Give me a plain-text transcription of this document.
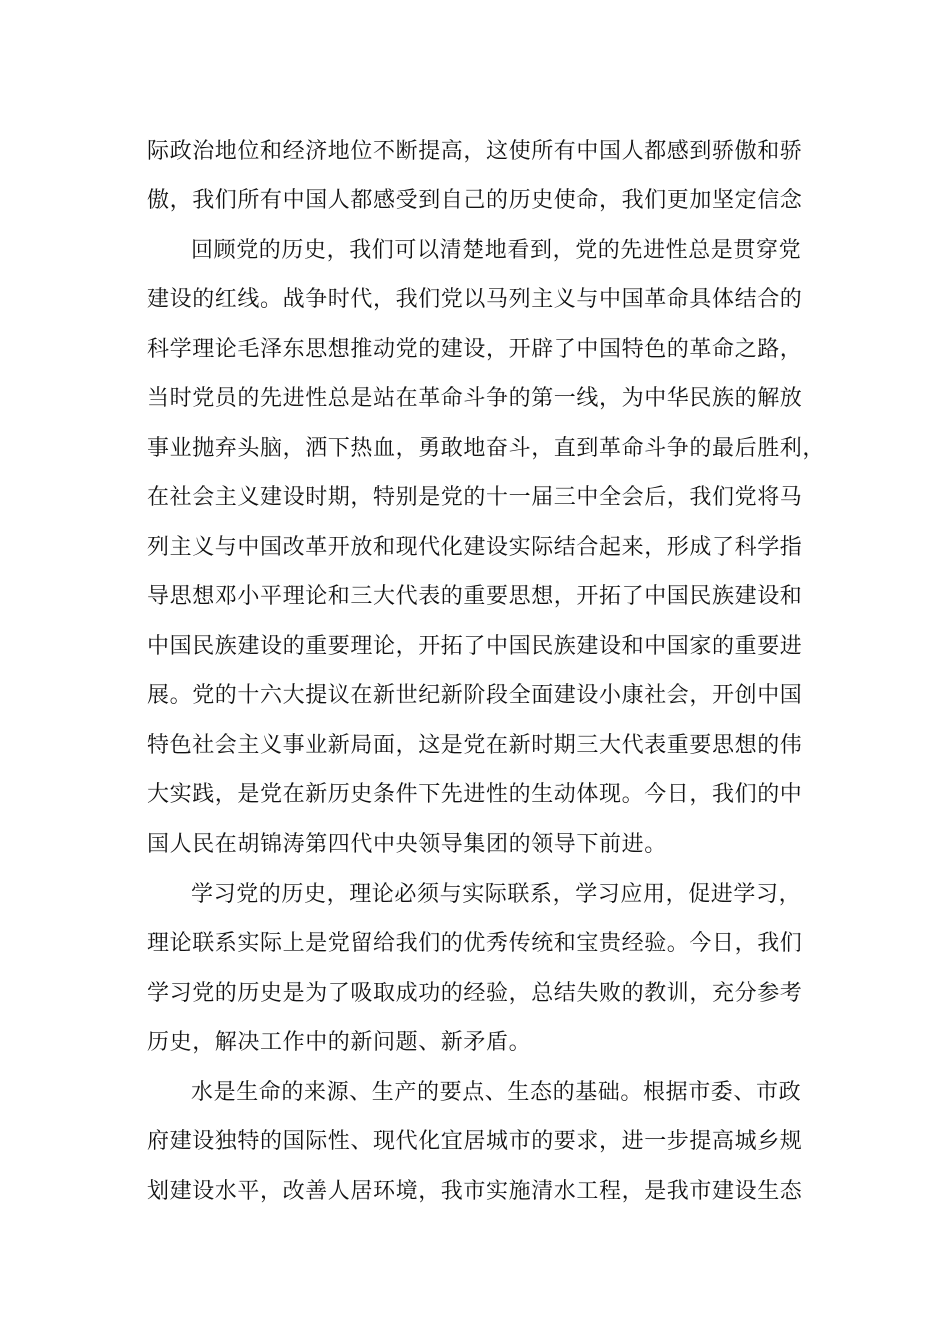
际政治地位和经济地位不断提高，这使所有中国人都感到骄傲和骄
傲，我们所有中国人都感受到自己的历史使命，我们更加坚定信念
回顾党的历史，我们可以清楚地看到，党的先进性总是贯穿党
建设的红线。战争时代，我们党以马列主义与中国革命具体结合的
科学理论毛泽东思想推动党的建设，开辟了中国特色的革命之路，
当时党员的先进性总是站在革命斗争的第一线，为中华民族的解放
事业抛弃头脑，洒下热血，勇敢地奋斗，直到革命斗争的最后胜利，
在社会主义建设时期，特别是党的十一届三中全会后，我们党将马
列主义与中国改革开放和现代化建设实际结合起来，形成了科学指
导思想邓小平理论和三大代表的重要思想，开拓了中国民族建设和
中国民族建设的重要理论，开拓了中国民族建设和中国家的重要进
展。党的十六大提议在新世纪新阶段全面建设小康社会，开创中国
特色社会主义事业新局面，这是党在新时期三大代表重要思想的伟
大实践，是党在新历史条件下先进性的生动体现。今日，我们的中
国人民在胡锦涛第四代中央领导集团的领导下前进。
学习党的历史，理论必须与实际联系，学习应用，促进学习，
理论联系实际上是党留给我们的优秀传统和宝贵经验。今日，我们
学习党的历史是为了吸取成功的经验，总结失败的教训，充分参考
历史，解决工作中的新问题、新矛盾。
水是生命的来源、生产的要点、生态的基础。根据市委、市政
府建设独特的国际性、现代化宜居城市的要求，进一步提高城乡规
划建设水平，改善人居环境，我市实施清水工程，是我市建设生态
